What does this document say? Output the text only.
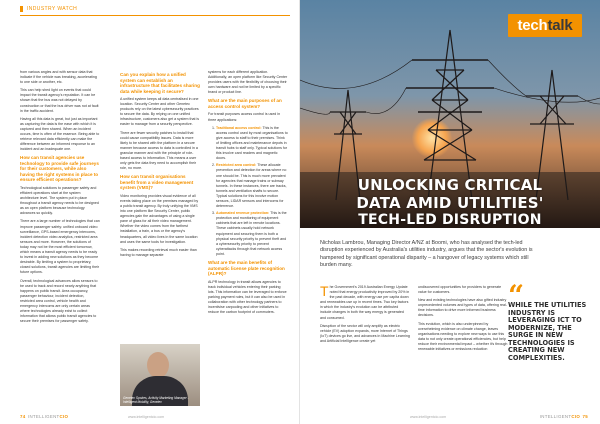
INDUSTRY WATCH

from various angles and with sensor data that indicate if the vehicle was breaking, accelerating to one side or another, etc.

This can help shed light on events that could impact the transit agency's reputation. It can be shown that the bus was not delayed by construction or that the bus driver was not at fault in the traffic accident.

Having all this data is great, but just as important as capturing the data is the ease with which it is captured and then shared. When an incident occurs, time is often of the essence. Being able to retrieve relevant data efficiently can make the difference between an informed response to an incident and an inadequate one.

How can transit agencies use technology to provide safe journeys for their customers, while also having the right systems in place to ensure efficient operations?

Technological solutions to passenger safety and efficient operations start at the system architecture level. The system put in place throughout a transit agency needs to be designed as an open platform because technology advances so quickly.

There are a large number of technologies that can improve passenger safety: unified onboard video surveillance, GPS-based emergency intercoms, incident detection video analytics, restricted area sensors and more. However, the solutions of today may not be the most efficient tomorrow, which means a transit agency needs to be ready to invest in adding new solutions as they become desirable. By limiting a system to proprietary, closed solutions, transit agencies are limiting their future options.

Overall, technological advances allow sensors to be used to track and record nearly anything that happens on public transit. Area occupancy, passenger behaviour, incident detection, restricted area control, vehicle health and emergency intercoms are only certain areas where technologies already exist to collect information that allows public transit agencies to secure their premises for passenger safety.

Can you explain how a unified system can establish an infrastructure that facilitates sharing data while keeping it secure?

A unified system keeps all data centralised in one location. Security Center and other Genetec products rely on the latest cybersecurity practices to secure the data. By relying on one unified infrastructure, customers also get a system that is easier to manage from a security perspective.

There are fewer security patches to install that could cause compatibility issues. Data is more likely to be shared with the platform in a secure manner because access to data is controlled in a granular manner and with the principle of role-based access to information. This means a user only gets the data they need to accomplish their role, no more.

How can transit organisations benefit from a video management system (VMS)?

Video monitoring provides visual evidence of all events taking place on the premises managed by a public transit agency. By truly unifying the VMS into one platform like Security Center, public agencies gain the advantages of using a single pane of glass for all their video management. Whether the video comes from the farthest installation, a train, a bus or the agency's headquarters, all video lives in the same location and uses the same tools for investigation.

This makes recording retrieval much easier than having to manage separate

Genetec Spokes, Activity Marketing Manager - Intelligent Mobility, Genetec

systems for each different application. Additionally, an open platform like Security Center provides users with the flexibility of choosing their own hardware and not be limited by a specific brand or product line.

What are the main purposes of an access control system?

For transit purposes access control is used in three applications:

1. Traditional access control: This is the access control used by most organisations to give access to staff to their premises. Think of limiting offices and maintenance depots in transit hubs to staff only. Typical solutions for this involve card readers and magnetic doors.
2. Restricted area control: These allocate prevention and detection for areas where no one should be. This is much more prevalent for agencies that manage trains or subway tunnels. In these instances, there are tracks, tunnels and ventilation shafts to secure. Typical solutions for this involve motion sensors, LIDAR sensors and intercoms for deterrence.
3. Automated revenue protection: This is the protection and monitoring of equipment cabinets that are left in remote locations. These cabinets usually hold network equipment and securing them is both a physical security priority to prevent theft and a cybersecurity priority to prevent cyberattacks through that network access point.
What are the main benefits of automatic license plate recognition (ALPR)?

ALPR technology in transit allows agencies to track individual vehicles entering their parking lots. This information can be leveraged to enforce parking payment rules, but it can also be used in collaboration with other technology partners to incentivise carpooling and other initiatives to reduce the carbon footprint of commuters.

74 INTELLIGENTCIO	www.intelligentcio.com
techtalk
UNLOCKING CRITICAL
DATA AMID UTILITIES'
TECH-LED DISRUPTION
Nicholas Lambrou, Managing Director A/NZ at Boomi, who has analysed the tech-led disruption experienced by Australia's utilities industry, argues that the sector's evolution is hampered by significant operational disparity – a hangover of legacy systems which still burden many.

The Government's 2019 Australian Energy Update noted that energy productivity improved by 20% in the past decade, with energy use per capita down and renewables use up in recent times. Two key factors in which the industry's evolution can be attributed include changes in both the way energy is generated and consumed.

Disruption of the sector will only amplify as electric vehicle (EV) adoption expands, more Internet of Things (IoT) devices go live, and advances in Machine Learning and Artificial Intelligence create yet

undiscovered opportunities for providers to generate value for customers.

New and existing technologies have also gifted industry unprecedented volumes and types of data, offering real-time information to drive more informed business decisions.

This evolution, which is also underpinned by overwhelming evidence on climate change, leaves organisations needing to explore new ways to use this data to not only create operational efficiencies, but help reduce their environmental impact – whether it's through renewable initiatives or emissions reduction

“
WHILE THE UTILITIES INDUSTRY IS LEVERAGING ICT TO MODERNIZE, THE SURGE IN NEW TECHNOLOGIES IS CREATING NEW COMPLEXITIES.
www.intelligentcio.com	INTELLIGENTCIO 75
